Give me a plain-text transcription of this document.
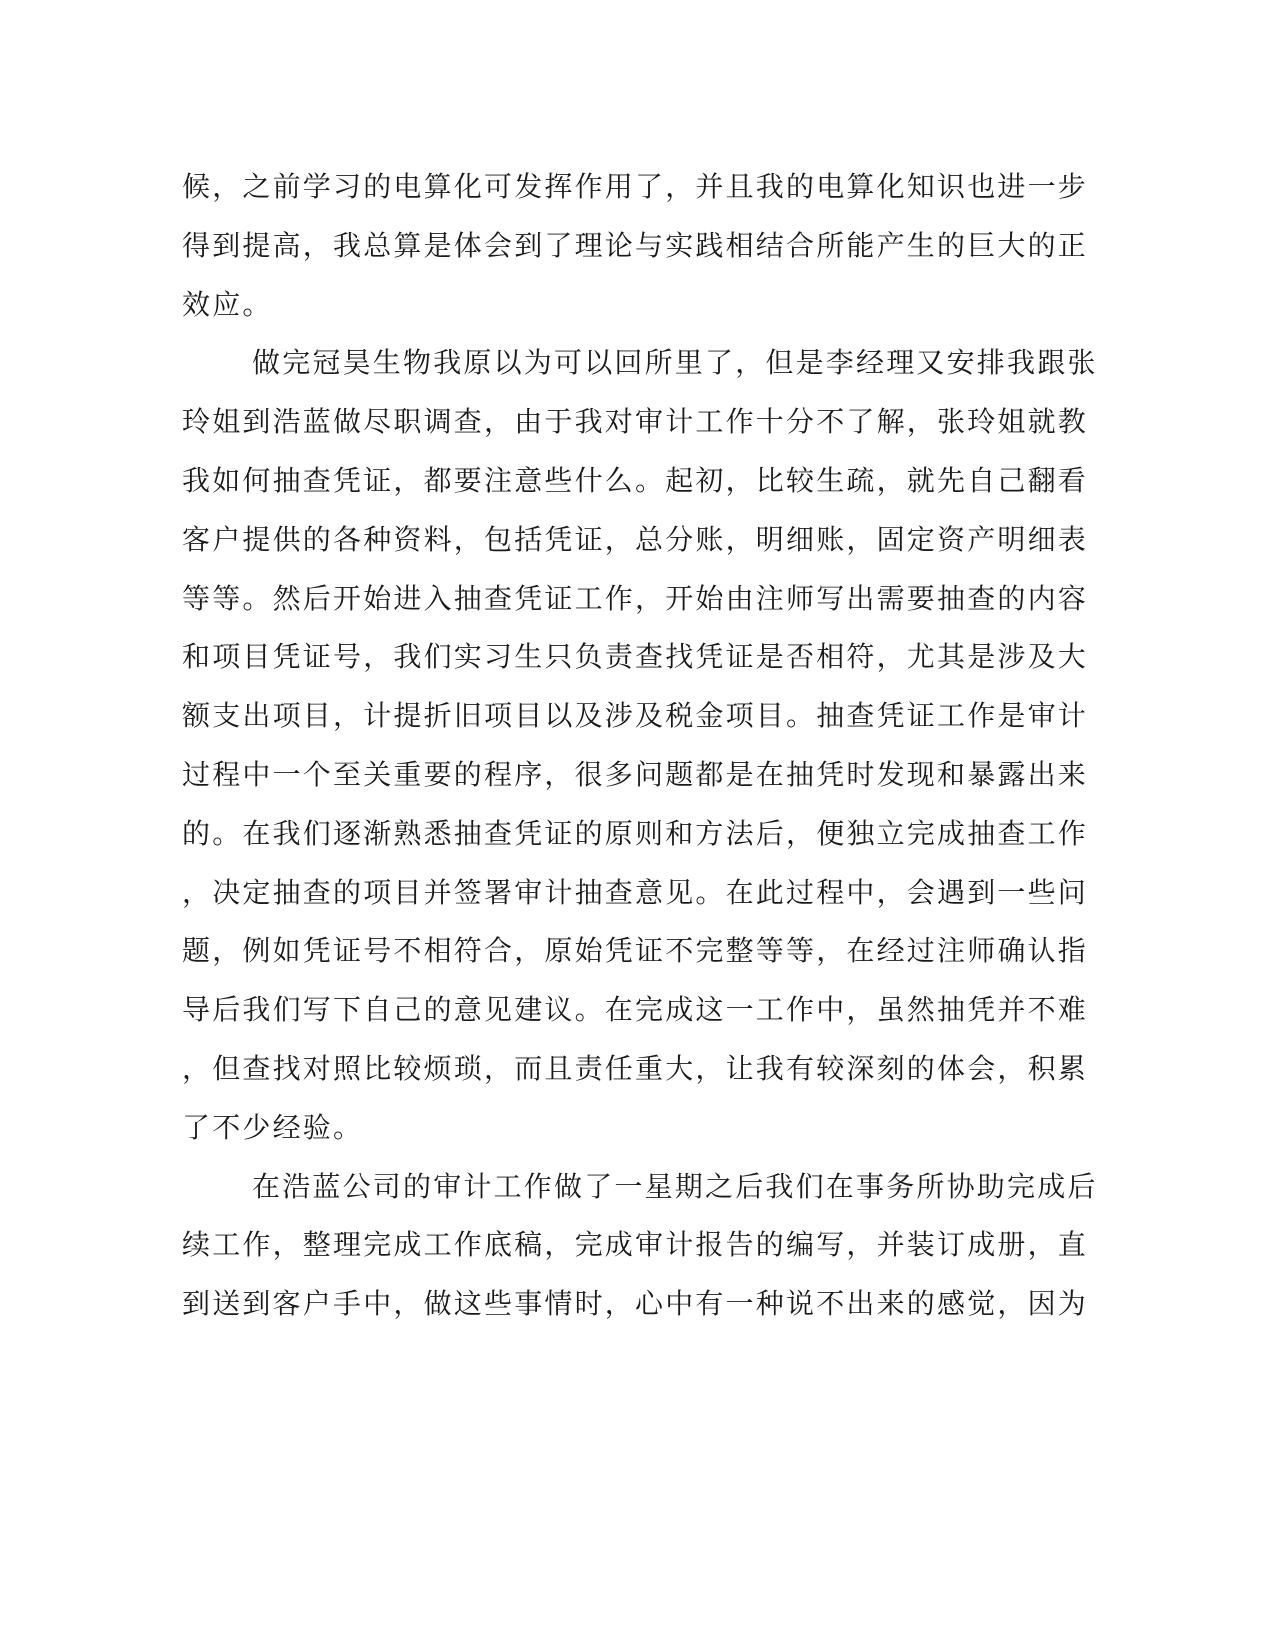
候，之前学习的电算化可发挥作用了，并且我的电算化知识也进一步
得到提高，我总算是体会到了理论与实践相结合所能产生的巨大的正
效应。
做完冠昊生物我原以为可以回所里了，但是李经理又安排我跟张
玲姐到浩蓝做尽职调查，由于我对审计工作十分不了解，张玲姐就教
我如何抽查凭证，都要注意些什么。起初，比较生疏，就先自己翻看
客户提供的各种资料，包括凭证，总分账，明细账，固定资产明细表
等等。然后开始进入抽查凭证工作，开始由注师写出需要抽查的内容
和项目凭证号，我们实习生只负责查找凭证是否相符，尤其是涉及大
额支出项目，计提折旧项目以及涉及税金项目。抽查凭证工作是审计
过程中一个至关重要的程序，很多问题都是在抽凭时发现和暴露出来
的。在我们逐渐熟悉抽查凭证的原则和方法后，便独立完成抽查工作
，决定抽查的项目并签署审计抽查意见。在此过程中，会遇到一些问
题，例如凭证号不相符合，原始凭证不完整等等，在经过注师确认指
导后我们写下自己的意见建议。在完成这一工作中，虽然抽凭并不难
，但查找对照比较烦琐，而且责任重大，让我有较深刻的体会，积累
了不少经验。
在浩蓝公司的审计工作做了一星期之后我们在事务所协助完成后
续工作，整理完成工作底稿，完成审计报告的编写，并装订成册，直
到送到客户手中，做这些事情时，心中有一种说不出来的感觉，因为
